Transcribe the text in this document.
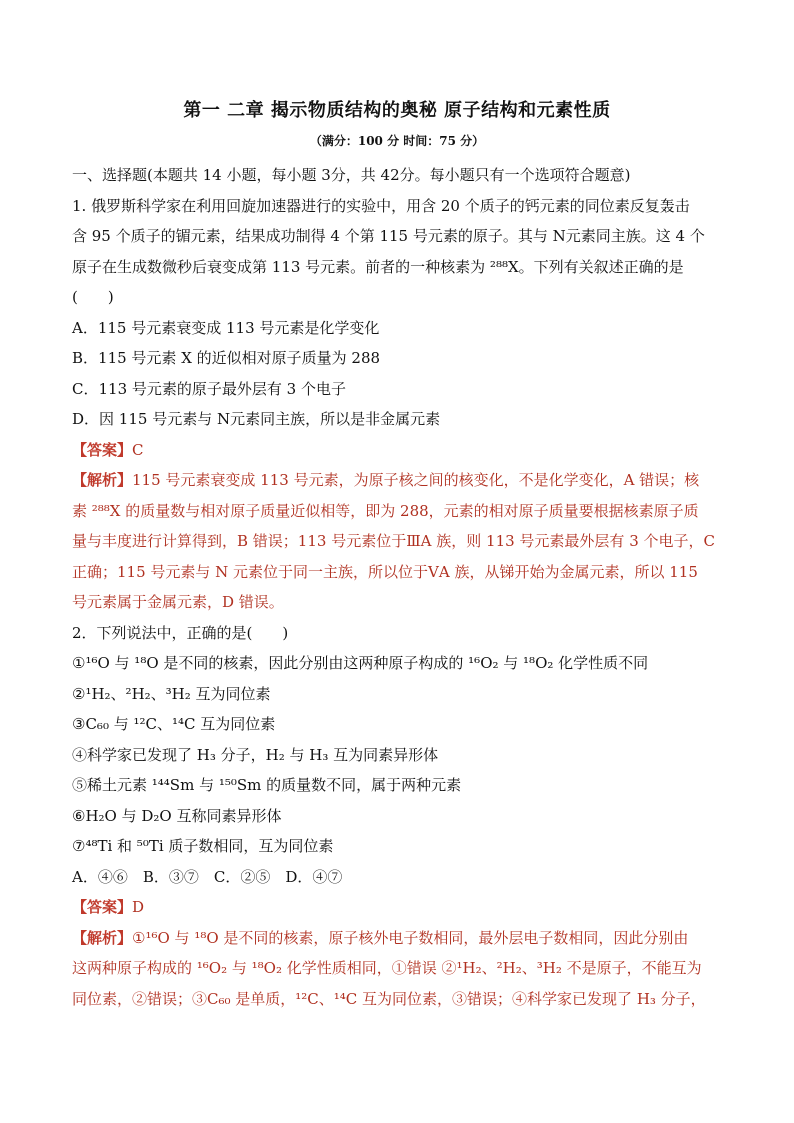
第一 二章 揭示物质结构的奥秘 原子结构和元素性质
（满分：100 分 时间：75 分）
一、选择题(本题共 14 小题，每小题 3分，共 42分。每小题只有一个选项符合题意)
1. 俄罗斯科学家在利用回旋加速器进行的实验中，用含 20 个质子的钙元素的同位素反复轰击
含 95 个质子的镅元素，结果成功制得 4 个第 115 号元素的原子。其与 N元素同主族。这 4 个
原子在生成数微秒后衰变成第 113 号元素。前者的一种核素为 ²⁸⁸X。下列有关叙述正确的是
(　　)
A．115 号元素衰变成 113 号元素是化学变化
B．115 号元素 X 的近似相对原子质量为 288
C．113 号元素的原子最外层有 3 个电子
D．因 115 号元素与 N元素同主族，所以是非金属元素
【答案】C
【解析】115 号元素衰变成 113 号元素，为原子核之间的核变化，不是化学变化，A 错误；核
素 ²⁸⁸X 的质量数与相对原子质量近似相等，即为 288，元素的相对原子质量要根据核素原子质
量与丰度进行计算得到，B 错误；113 号元素位于ⅢA 族，则 113 号元素最外层有 3 个电子，C
正确；115 号元素与 N 元素位于同一主族，所以位于ⅤA 族，从锑开始为金属元素，所以 115
号元素属于金属元素，D 错误。
2．下列说法中，正确的是(　　)
①¹⁶O 与 ¹⁸O 是不同的核素，因此分别由这两种原子构成的 ¹⁶O₂ 与 ¹⁸O₂ 化学性质不同
②¹H₂、²H₂、³H₂ 互为同位素
③C₆₀ 与 ¹²C、¹⁴C 互为同位素
④科学家已发现了 H₃ 分子，H₂ 与 H₃ 互为同素异形体
⑤稀土元素 ¹⁴⁴Sm 与 ¹⁵⁰Sm 的质量数不同，属于两种元素
⑥H₂O 与 D₂O 互称同素异形体
⑦⁴⁸Ti 和 ⁵⁰Ti 质子数相同，互为同位素
A．④⑥　B．③⑦　C．②⑤　D．④⑦
【答案】D
【解析】①¹⁶O 与 ¹⁸O 是不同的核素，原子核外电子数相同，最外层电子数相同，因此分别由
这两种原子构成的 ¹⁶O₂ 与 ¹⁸O₂ 化学性质相同，①错误 ②¹H₂、²H₂、³H₂ 不是原子，不能互为
同位素，②错误；③C₆₀ 是单质，¹²C、¹⁴C 互为同位素，③错误；④科学家已发现了 H₃ 分子，
